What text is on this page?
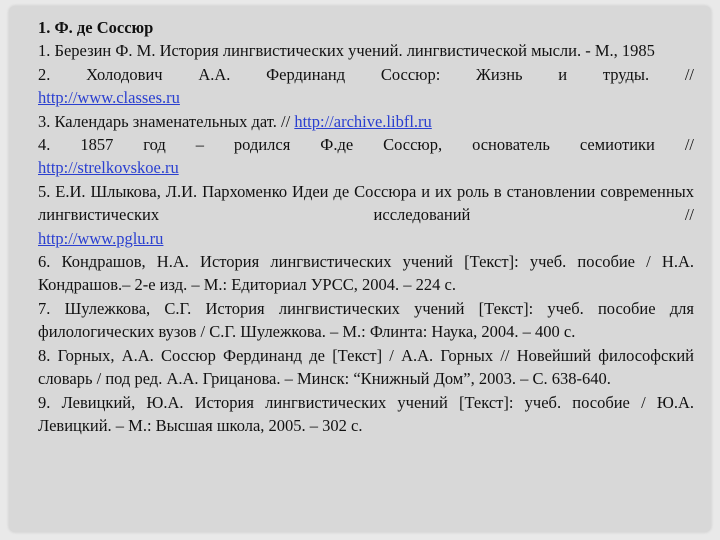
1. Ф. де Соссюр

1. Березин Ф. М. История лингвистических учений. лингвистической мысли. - М., 1985

2. Холодович А.А. Фердинанд Соссюр: Жизнь и труды. //
http://www.classes.ru

3. Календарь знаменательных дат. // http://archive.libfl.ru

4. 1857 год – родился Ф.де Соссюр, основатель семиотики //
http://strelkovskoe.ru

5. Е.И. Шлыкова, Л.И. Пархоменко Идеи де Соссюра и их роль в становлении современных лингвистических исследований //
http://www.pglu.ru

6. Кондрашов, Н.А. История лингвистических учений [Текст]: учеб. пособие / Н.А. Кондрашов.– 2-е изд. – М.: Едиториал УРСС, 2004. – 224 с.

7. Шулежкова, С.Г. История лингвистических учений [Текст]: учеб. пособие для филологических вузов / С.Г. Шулежкова. – М.: Флинта: Наука, 2004. – 400 с.

8. Горных, А.А. Соссюр Фердинанд де [Текст] / А.А. Горных // Новейший философский словарь / под ред. А.А. Грицанова. – Минск: “Книжный Дом”, 2003. – С. 638-640.

9. Левицкий, Ю.А. История лингвистических учений [Текст]: учеб. пособие / Ю.А. Левицкий. – М.: Высшая школа, 2005. – 302 с.
